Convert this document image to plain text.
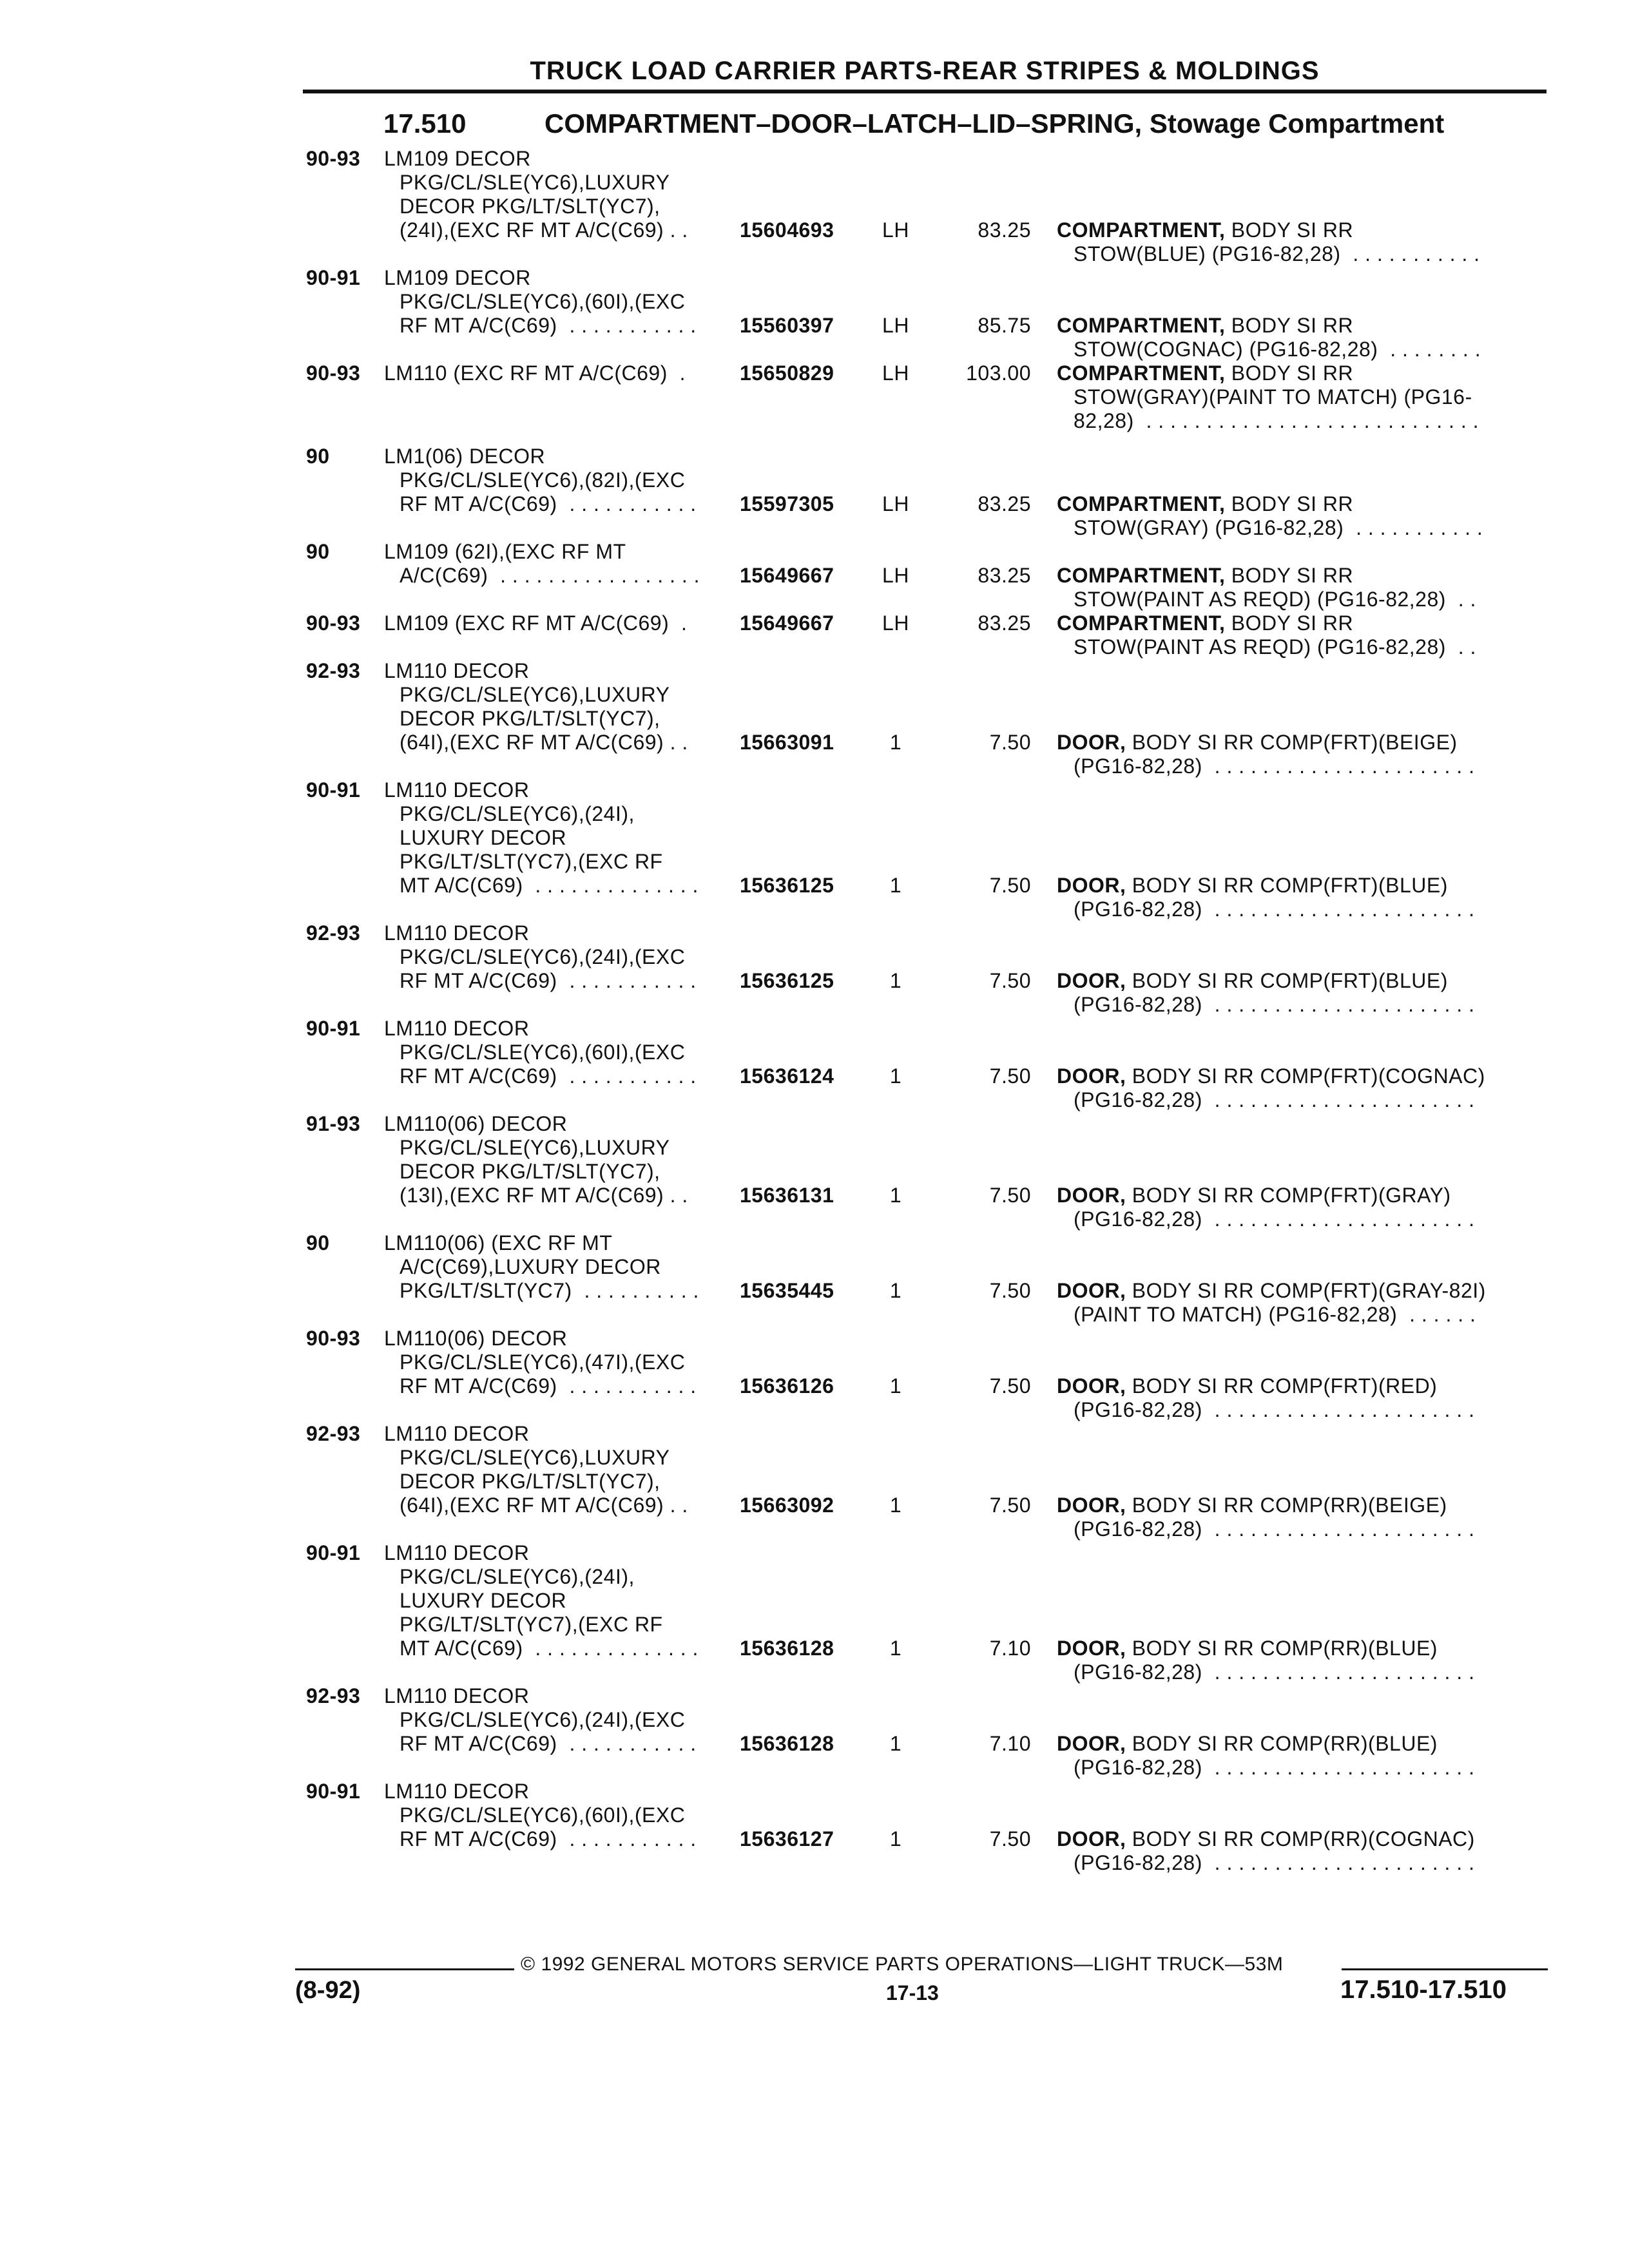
TRUCK LOAD CARRIER PARTS-REAR STRIPES & MOLDINGS
17.510	COMPARTMENT–DOOR–LATCH–LID–SPRING, Stowage Compartment
90-93 LM109 DECOR
PKG/CL/SLE(YC6),LUXURY
DECOR PKG/LT/SLT(YC7),
(24I),(EXC RF MT A/C(C69) . .	15604693	LH	83.25 COMPARTMENT, BODY SI RR
STOW(BLUE) (PG16-82,28)  . . . . . . . . . . .
90-91 LM109 DECOR
PKG/CL/SLE(YC6),(60I),(EXC
RF MT A/C(C69)  . . . . . . . . . . . 15560397	LH	85.75 COMPARTMENT, BODY SI RR
STOW(COGNAC) (PG16-82,28)  . . . . . . . .
90-93 LM110 (EXC RF MT A/C(C69)  .	15650829	LH	103.00 COMPARTMENT, BODY SI RR
STOW(GRAY)(PAINT TO MATCH) (PG16-
82,28)  . . . . . . . . . . . . . . . . . . . . . . . . . . . .
90	LM1(06) DECOR
PKG/CL/SLE(YC6),(82I),(EXC
RF MT A/C(C69)  . . . . . . . . . . . 15597305	LH	83.25 COMPARTMENT, BODY SI RR
STOW(GRAY) (PG16-82,28)  . . . . . . . . . . .
90	LM109 (62I),(EXC RF MT
A/C(C69)  . . . . . . . . . . . . . . . . . 15649667	LH	83.25 COMPARTMENT, BODY SI RR
STOW(PAINT AS REQD) (PG16-82,28)  . .
90-93 LM109 (EXC RF MT A/C(C69)  .	15649667	LH	83.25 COMPARTMENT, BODY SI RR
STOW(PAINT AS REQD) (PG16-82,28)  . .
92-93 LM110 DECOR
PKG/CL/SLE(YC6),LUXURY
DECOR PKG/LT/SLT(YC7),
(64I),(EXC RF MT A/C(C69) . .	15663091	1	7.50 DOOR, BODY SI RR COMP(FRT)(BEIGE)
(PG16-82,28)  . . . . . . . . . . . . . . . . . . . . . .
90-91 LM110 DECOR
PKG/CL/SLE(YC6),(24I),
LUXURY DECOR
PKG/LT/SLT(YC7),(EXC RF
MT A/C(C69)  . . . . . . . . . . . . . . 15636125	1	7.50 DOOR, BODY SI RR COMP(FRT)(BLUE)
(PG16-82,28)  . . . . . . . . . . . . . . . . . . . . . .
92-93 LM110 DECOR
PKG/CL/SLE(YC6),(24I),(EXC
RF MT A/C(C69)  . . . . . . . . . . . 15636125	1	7.50 DOOR, BODY SI RR COMP(FRT)(BLUE)
(PG16-82,28)  . . . . . . . . . . . . . . . . . . . . . .
90-91 LM110 DECOR
PKG/CL/SLE(YC6),(60I),(EXC
RF MT A/C(C69)  . . . . . . . . . . . 15636124	1	7.50 DOOR, BODY SI RR COMP(FRT)(COGNAC)
(PG16-82,28)  . . . . . . . . . . . . . . . . . . . . . .
91-93 LM110(06) DECOR
PKG/CL/SLE(YC6),LUXURY
DECOR PKG/LT/SLT(YC7),
(13I),(EXC RF MT A/C(C69) . .	15636131	1	7.50 DOOR, BODY SI RR COMP(FRT)(GRAY)
(PG16-82,28)  . . . . . . . . . . . . . . . . . . . . . .
90	LM110(06) (EXC RF MT
A/C(C69),LUXURY DECOR
PKG/LT/SLT(YC7)  . . . . . . . . . . 15635445	1	7.50 DOOR, BODY SI RR COMP(FRT)(GRAY-82I)
(PAINT TO MATCH) (PG16-82,28)  . . . . . .
90-93 LM110(06) DECOR
PKG/CL/SLE(YC6),(47I),(EXC
RF MT A/C(C69)  . . . . . . . . . . . 15636126	1	7.50 DOOR, BODY SI RR COMP(FRT)(RED)
(PG16-82,28)  . . . . . . . . . . . . . . . . . . . . . .
92-93 LM110 DECOR
PKG/CL/SLE(YC6),LUXURY
DECOR PKG/LT/SLT(YC7),
(64I),(EXC RF MT A/C(C69) . .	15663092	1	7.50 DOOR, BODY SI RR COMP(RR)(BEIGE)
(PG16-82,28)  . . . . . . . . . . . . . . . . . . . . . .
90-91 LM110 DECOR
PKG/CL/SLE(YC6),(24I),
LUXURY DECOR
PKG/LT/SLT(YC7),(EXC RF
MT A/C(C69)  . . . . . . . . . . . . . . 15636128	1	7.10 DOOR, BODY SI RR COMP(RR)(BLUE)
(PG16-82,28)  . . . . . . . . . . . . . . . . . . . . . .
92-93 LM110 DECOR
PKG/CL/SLE(YC6),(24I),(EXC
RF MT A/C(C69)  . . . . . . . . . . . 15636128	1	7.10 DOOR, BODY SI RR COMP(RR)(BLUE)
(PG16-82,28)  . . . . . . . . . . . . . . . . . . . . . .
90-91 LM110 DECOR
PKG/CL/SLE(YC6),(60I),(EXC
RF MT A/C(C69)  . . . . . . . . . . . 15636127	1	7.50 DOOR, BODY SI RR COMP(RR)(COGNAC)
(PG16-82,28)  . . . . . . . . . . . . . . . . . . . . . .
© 1992 GENERAL MOTORS SERVICE PARTS OPERATIONS—LIGHT TRUCK—53M
(8-92)	17-13	17.510-17.510
